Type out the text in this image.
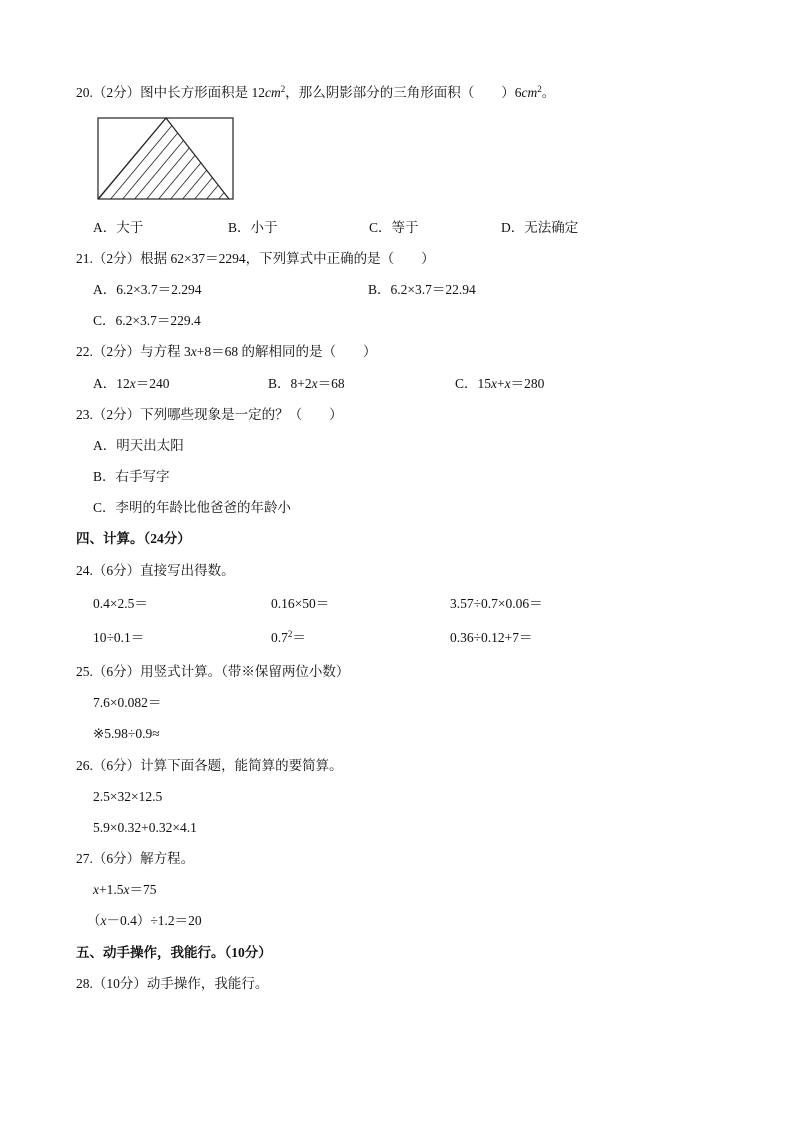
20.（2分）图中长方形面积是 $12cm^2$，那么阴影部分的三角形面积（　　）$6cm^2$。
A．大于	B．小于	C．等于	D．无法确定
21.（2分）根据 62×37＝2294，下列算式中正确的是（　　）
A．6.2×3.7＝2.294	B．6.2×3.7＝22.94
C．6.2×3.7＝229.4
22.（2分）与方程 3x+8＝68 的解相同的是（　　）
A．12x＝240	B．8+2x＝68	C．15x+x＝280
23.（2分）下列哪些现象是一定的？（　　）
A．明天出太阳
B．右手写字
C．李明的年龄比他爸爸的年龄小
四、计算。（24分）
24.（6分）直接写出得数。
0.4×2.5＝	0.16×50＝	3.57÷0.7×0.06＝
10÷0.1＝	$0.7^2=$	0.36÷0.12+7＝
25.（6分）用竖式计算。（带※保留两位小数）
7.6×0.082＝
※5.98÷0.9≈
26.（6分）计算下面各题，能简算的要简算。
2.5×32×12.5
5.9×0.32+0.32×4.1
27.（6分）解方程。
x+1.5x＝75
（x－0.4）÷1.2＝20
五、动手操作，我能行。（10分）
28.（10分）动手操作，我能行。
